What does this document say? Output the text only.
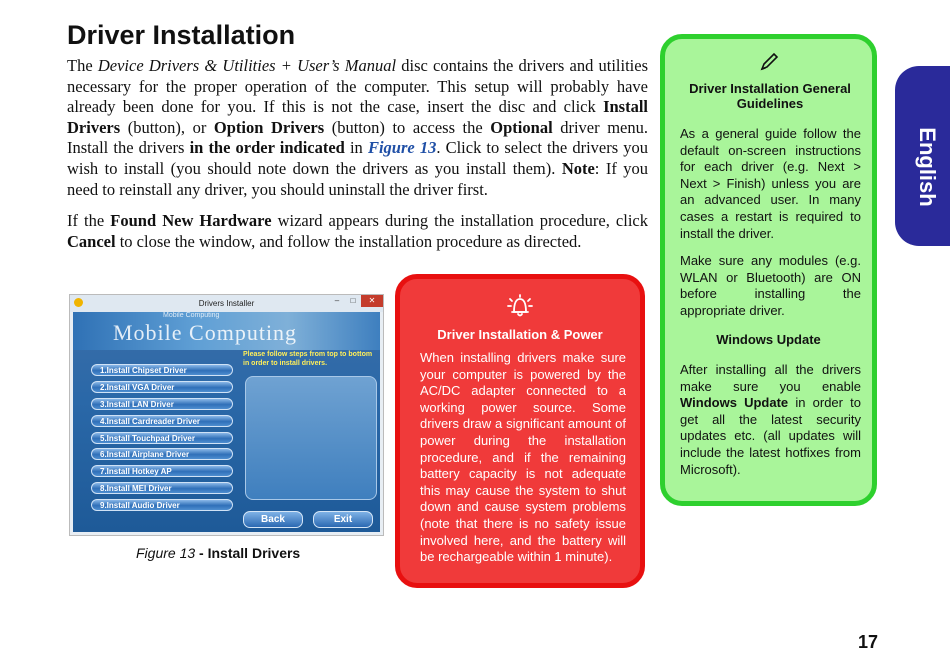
Driver Installation
The Device Drivers & Utilities + User’s Manual disc contains the drivers and utilities necessary for the proper operation of the computer. This setup will probably have already been done for you. If this is not the case, insert the disc and click Install Drivers (button), or Option Drivers (button) to access the Optional driver menu. Install the drivers in the order indicated in Figure 13. Click to select the drivers you wish to install (you should note down the drivers as you install them). Note: If you need to reinstall any driver, you should uninstall the driver first.
If the Found New Hardware wizard appears during the installation procedure, click Cancel to close the window, and follow the installation procedure as directed.
Drivers Installer	–	□	✕
Mobile Computing
Mobile Computing
1.Install Chipset Driver
2.Install VGA Driver
3.Install LAN Driver
4.Install Cardreader Driver
5.Install Touchpad Driver
6.Install Airplane Driver
7.Install Hotkey AP
8.Install MEI Driver
9.Install Audio Driver
Please follow steps from top to bottom in order to install drivers.
Back	Exit
Figure 13 - Install Drivers
Driver Installation & Power
When installing drivers make sure your computer is powered by the AC/DC adapter connected to a working power source. Some drivers draw a significant amount of power during the installation procedure, and if the remaining battery capacity is not adequate this may cause the system to shut down and cause system problems (note that there is no safety issue involved here, and the battery will be rechargeable within 1 minute).
Driver Installation General Guidelines
As a general guide follow the default on-screen instructions for each driver (e.g. Next > Next > Finish) unless you are an advanced user. In many cases a restart is required to install the driver.
Make sure any modules (e.g. WLAN or Bluetooth) are ON before installing the appropriate driver.
Windows Update
After installing all the drivers make sure you enable Windows Update in order to get all the latest security updates etc. (all updates will include the latest hotfixes from Microsoft).
English
17
